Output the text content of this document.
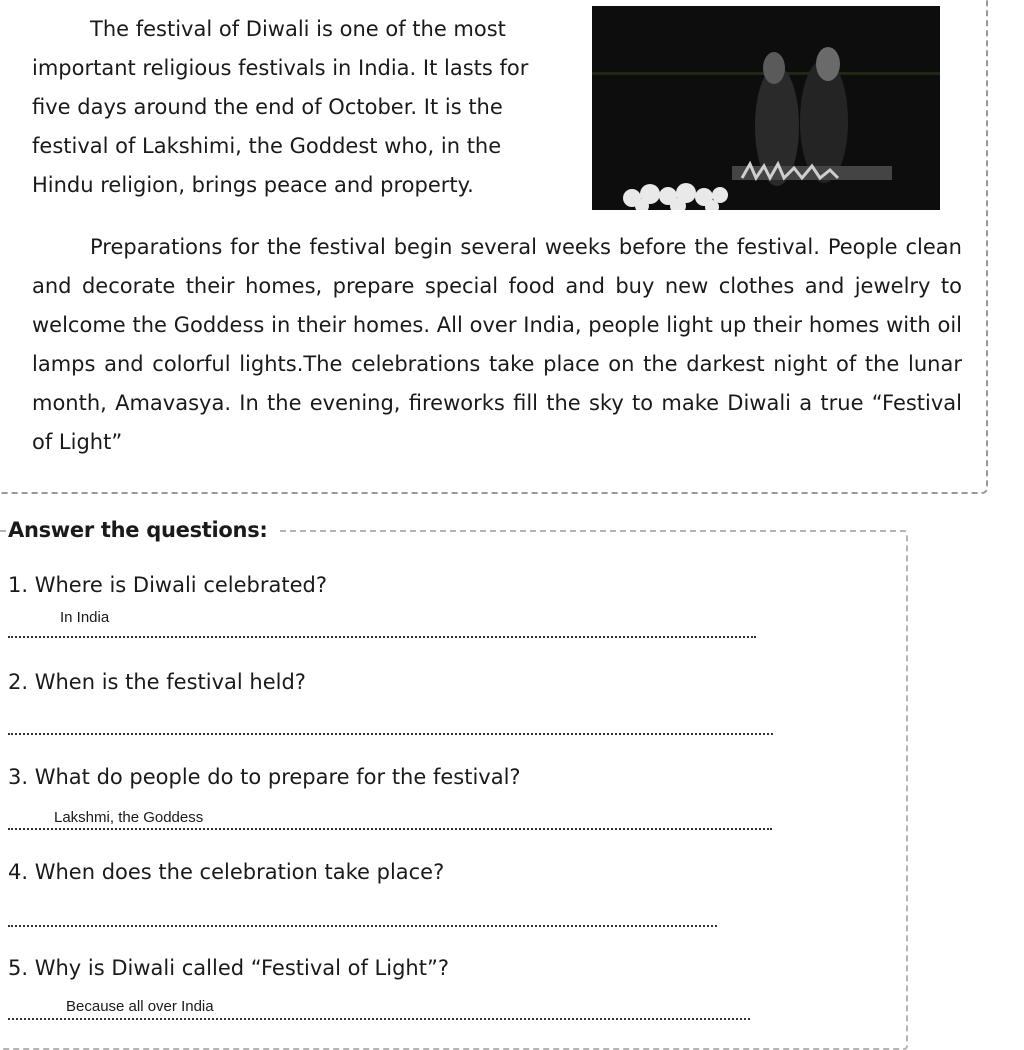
The festival of Diwali is one of the most important religious festivals in India. It lasts for five days around the end of October. It is the festival of Lakshimi, the Goddest who, in the Hindu religion, brings peace and property.

Preparations for the festival begin several weeks before the festival. People clean and decorate their homes, prepare special food and buy new clothes and jewelry to welcome the Goddess in their homes. All over India, people light up their homes with oil lamps and colorful lights.The celebrations take place on the darkest night of the lunar month, Amavasya. In the evening, fireworks fill the sky to make Diwali a true “Festival of Light”

Answer the questions:

1. Where is Diwali celebrated?

In India

2. When is the festival held?

3. What do people do to prepare for the festival?

Lakshmi, the Goddess

4. When does the celebration take place?

5. Why is Diwali called “Festival of Light”?

Because all over India
